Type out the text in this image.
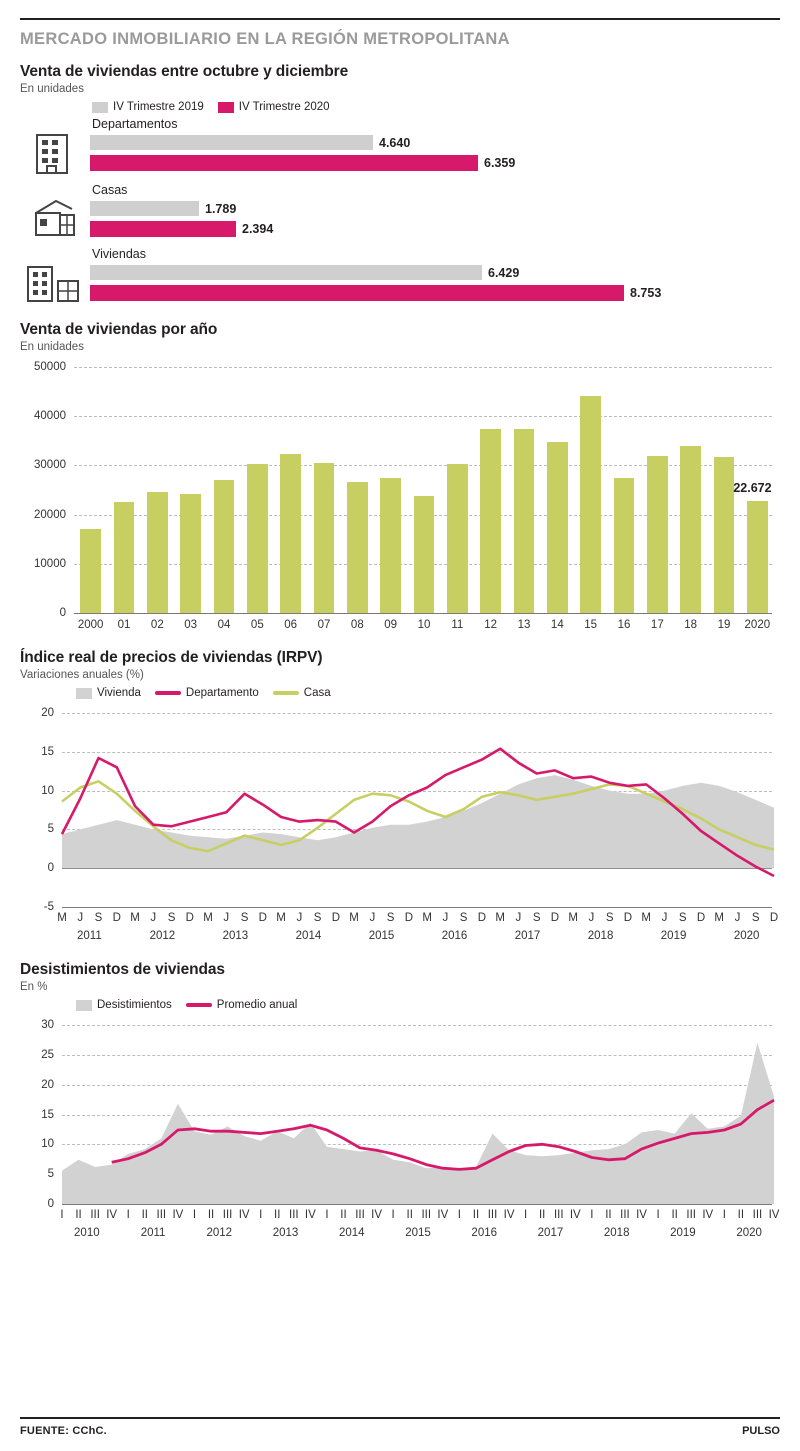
MERCADO INMOBILIARIO EN LA REGIÓN METROPOLITANA
Venta de viviendas entre octubre y diciembre
En unidades
IV Trimestre 2019	IV Trimestre 2020
Departamentos
4.640
6.359
Casas
1.789
2.394
Viviendas
6.429
8.753
Venta de viviendas por año
En unidades
50000
40000
30000
20000
10000
0
2000 01 02 03 04 05 06 07 08 09 10 11 12 13 14 15 16 17 18 19 2020
22.672
Índice real de precios de viviendas (IRPV)
Variaciones anuales (%)
Vivienda	Departamento	Casa
-5
0
5
10
15
20
M J S D M J S D M J S D M J S D M J S D M J S D M J S D M J S D M J S D M J S D
2011	2012	2013	2014	2015	2016	2017	2018	2019	2020
Desistimientos de viviendas
En %
Desistimientos	Promedio anual
0
5
10
15
20
25
30
I II III IV I II III IV I II III IV I II III IV I II III IV I II III IV I II III IV I II III IV I II III IV I II III IV I II III IV
2010	2011	2012	2013	2014	2015	2016	2017	2018	2019	2020
FUENTE: CChC.	PULSO
